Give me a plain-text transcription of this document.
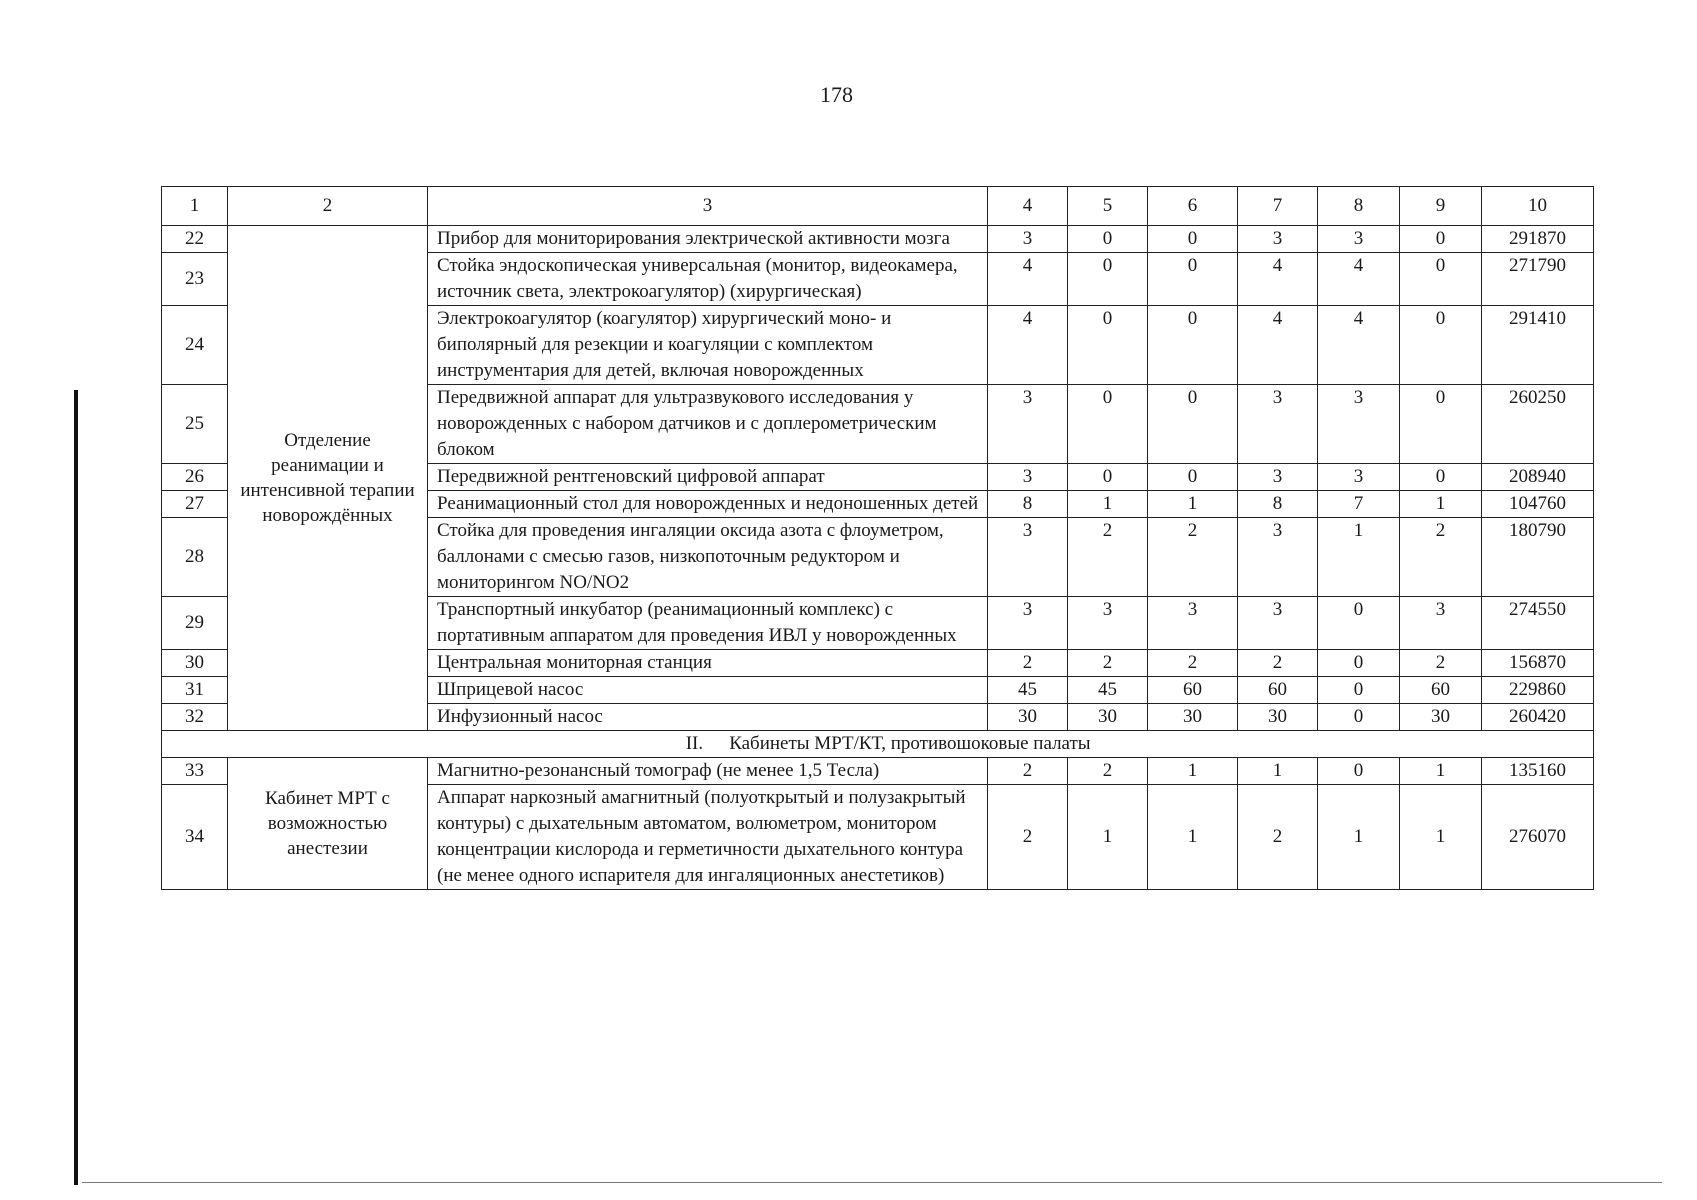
178
1	2	3	4	5	6	7	8	9	10
22	Отделение реанимации и интенсивной терапии новорождённых	Прибор для мониторирования электрической активности мозга	3	0	0	3	3	0	291870
23		Стойка эндоскопическая универсальная (монитор, видеокамера, источник света, электрокоагулятор) (хирургическая)	4	0	0	4	4	0	271790
24		Электрокоагулятор (коагулятор) хирургический моно- и биполярный для резекции и коагуляции с комплектом инструментария для детей, включая новорожденных	4	0	0	4	4	0	291410
25		Передвижной аппарат для ультразвукового исследования у новорожденных с набором датчиков и с доплерометрическим блоком	3	0	0	3	3	0	260250
26		Передвижной рентгеновский цифровой аппарат	3	0	0	3	3	0	208940
27		Реанимационный стол для новорожденных и недоношенных детей	8	1	1	8	7	1	104760
28		Стойка для проведения ингаляции оксида азота с флоуметром, баллонами с смесью газов, низкопоточным редуктором и мониторингом NO/NO2	3	2	2	3	1	2	180790
29		Транспортный инкубатор (реанимационный комплекс) с портативным аппаратом для проведения ИВЛ у новорожденных	3	3	3	3	0	3	274550
30		Центральная мониторная станция	2	2	2	2	0	2	156870
31		Шприцевой насос	45	45	60	60	0	60	229860
32		Инфузионный насос	30	30	30	30	0	30	260420
II. Кабинеты МРТ/КТ, противошоковые палаты									
33	Кабинет МРТ с возможностью анестезии	Магнитно-резонансный томограф (не менее 1,5 Тесла)	2	2	1	1	0	1	135160
34		Аппарат наркозный амагнитный (полуоткрытый и полузакрытый контуры) с дыхательным автоматом, волюметром, монитором концентрации кислорода и герметичности дыхательного контура (не менее одного испарителя для ингаляционных анестетиков)	2	1	1	2	1	1	276070
